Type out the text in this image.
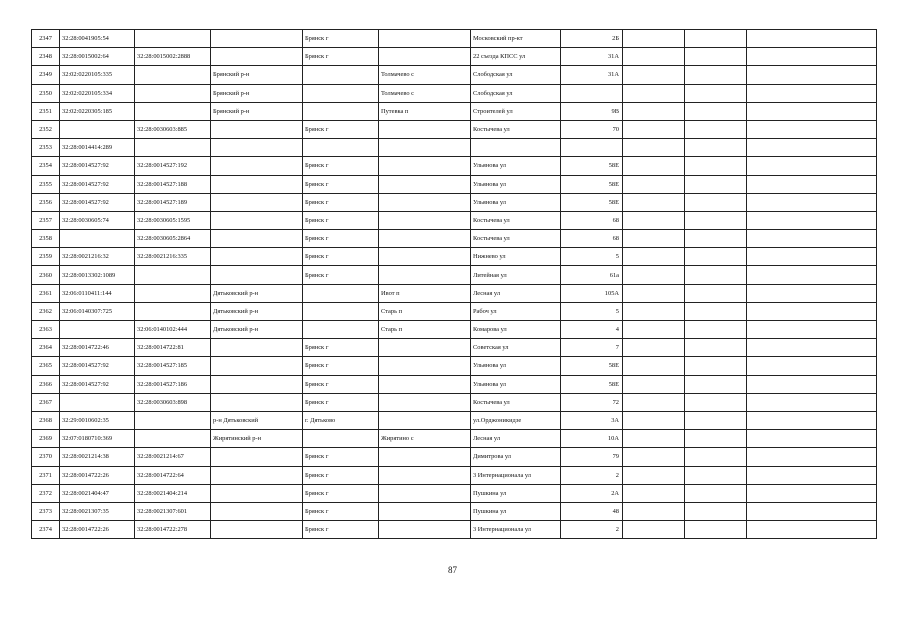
2347	32:28:0041905:54			Брянск г		Московский пр-кт	2Б			
2348	32:28:0015002:64	32:28:0015002:2888		Брянск г		22 съезда КПСС ул	31А			
2349	32:02:0220105:335		Брянский р-н		Толмачево с	Слободская ул	31А			
2350	32:02:0220105:334		Брянский р-н		Толмачево с	Слободская ул				
2351	32:02:0220305:185		Брянский р-н		Путевка п	Строителей ул	9В			
2352		32:28:0030603:885		Брянск г		Костычева ул	70			
2353	32:28:0014414:289									
2354	32:28:0014527:92	32:28:0014527:192		Брянск г		Ульянова ул	58Е			
2355	32:28:0014527:92	32:28:0014527:188		Брянск г		Ульянова ул	58Е			
2356	32:28:0014527:92	32:28:0014527:189		Брянск г		Ульянова ул	58Е			
2357	32:28:0030605:74	32:28:0030605:1595		Брянск г		Костычева ул	68			
2358		32:28:0030605:2864		Брянск г		Костычева ул	68			
2359	32:28:0021216:32	32:28:0021216:335		Брянск г		Нижнево ул	5			
2360	32:28:0013302:1089			Брянск г		Литейная ул	61а			
2361	32:06:0110411:144		Дятьковский р-н		Ивот п	Лесная ул	105А			
2362	32:06:0140307:725		Дятьковский р-н		Старь п	Рабоч ул	5			
2363		32:06:0140102:444	Дятьковский р-н		Старь п	Комарова ул	4			
2364	32:28:0014722:46	32:28:0014722:81		Брянск г		Советская ул	7			
2365	32:28:0014527:92	32:28:0014527:185		Брянск г		Ульянова ул	58Е			
2366	32:28:0014527:92	32:28:0014527:186		Брянск г		Ульянова ул	58Е			
2367		32:28:0030603:898		Брянск г		Костычева ул	72			
2368	32:29:0010602:35		р-н Дятьковский	г. Дятьково		ул.Орджоникидзе	3А			
2369	32:07:0180710:369		Жирятинский р-н		Жирятино с	Лесная ул	10А			
2370	32:28:0021214:38	32:28:0021214:67		Брянск г		Димитрова ул	79			
2371	32:28:0014722:26	32:28:0014722:64		Брянск г		3 Интернационала ул	2			
2372	32:28:0021404:47	32:28:0021404:214		Брянск г		Пушкина ул	2А			
2373	32:28:0021307:35	32:28:0021307:601		Брянск г		Пушкина ул	48			
2374	32:28:0014722:26	32:28:0014722:278		Брянск г		3 Интернационала ул	2			
87
